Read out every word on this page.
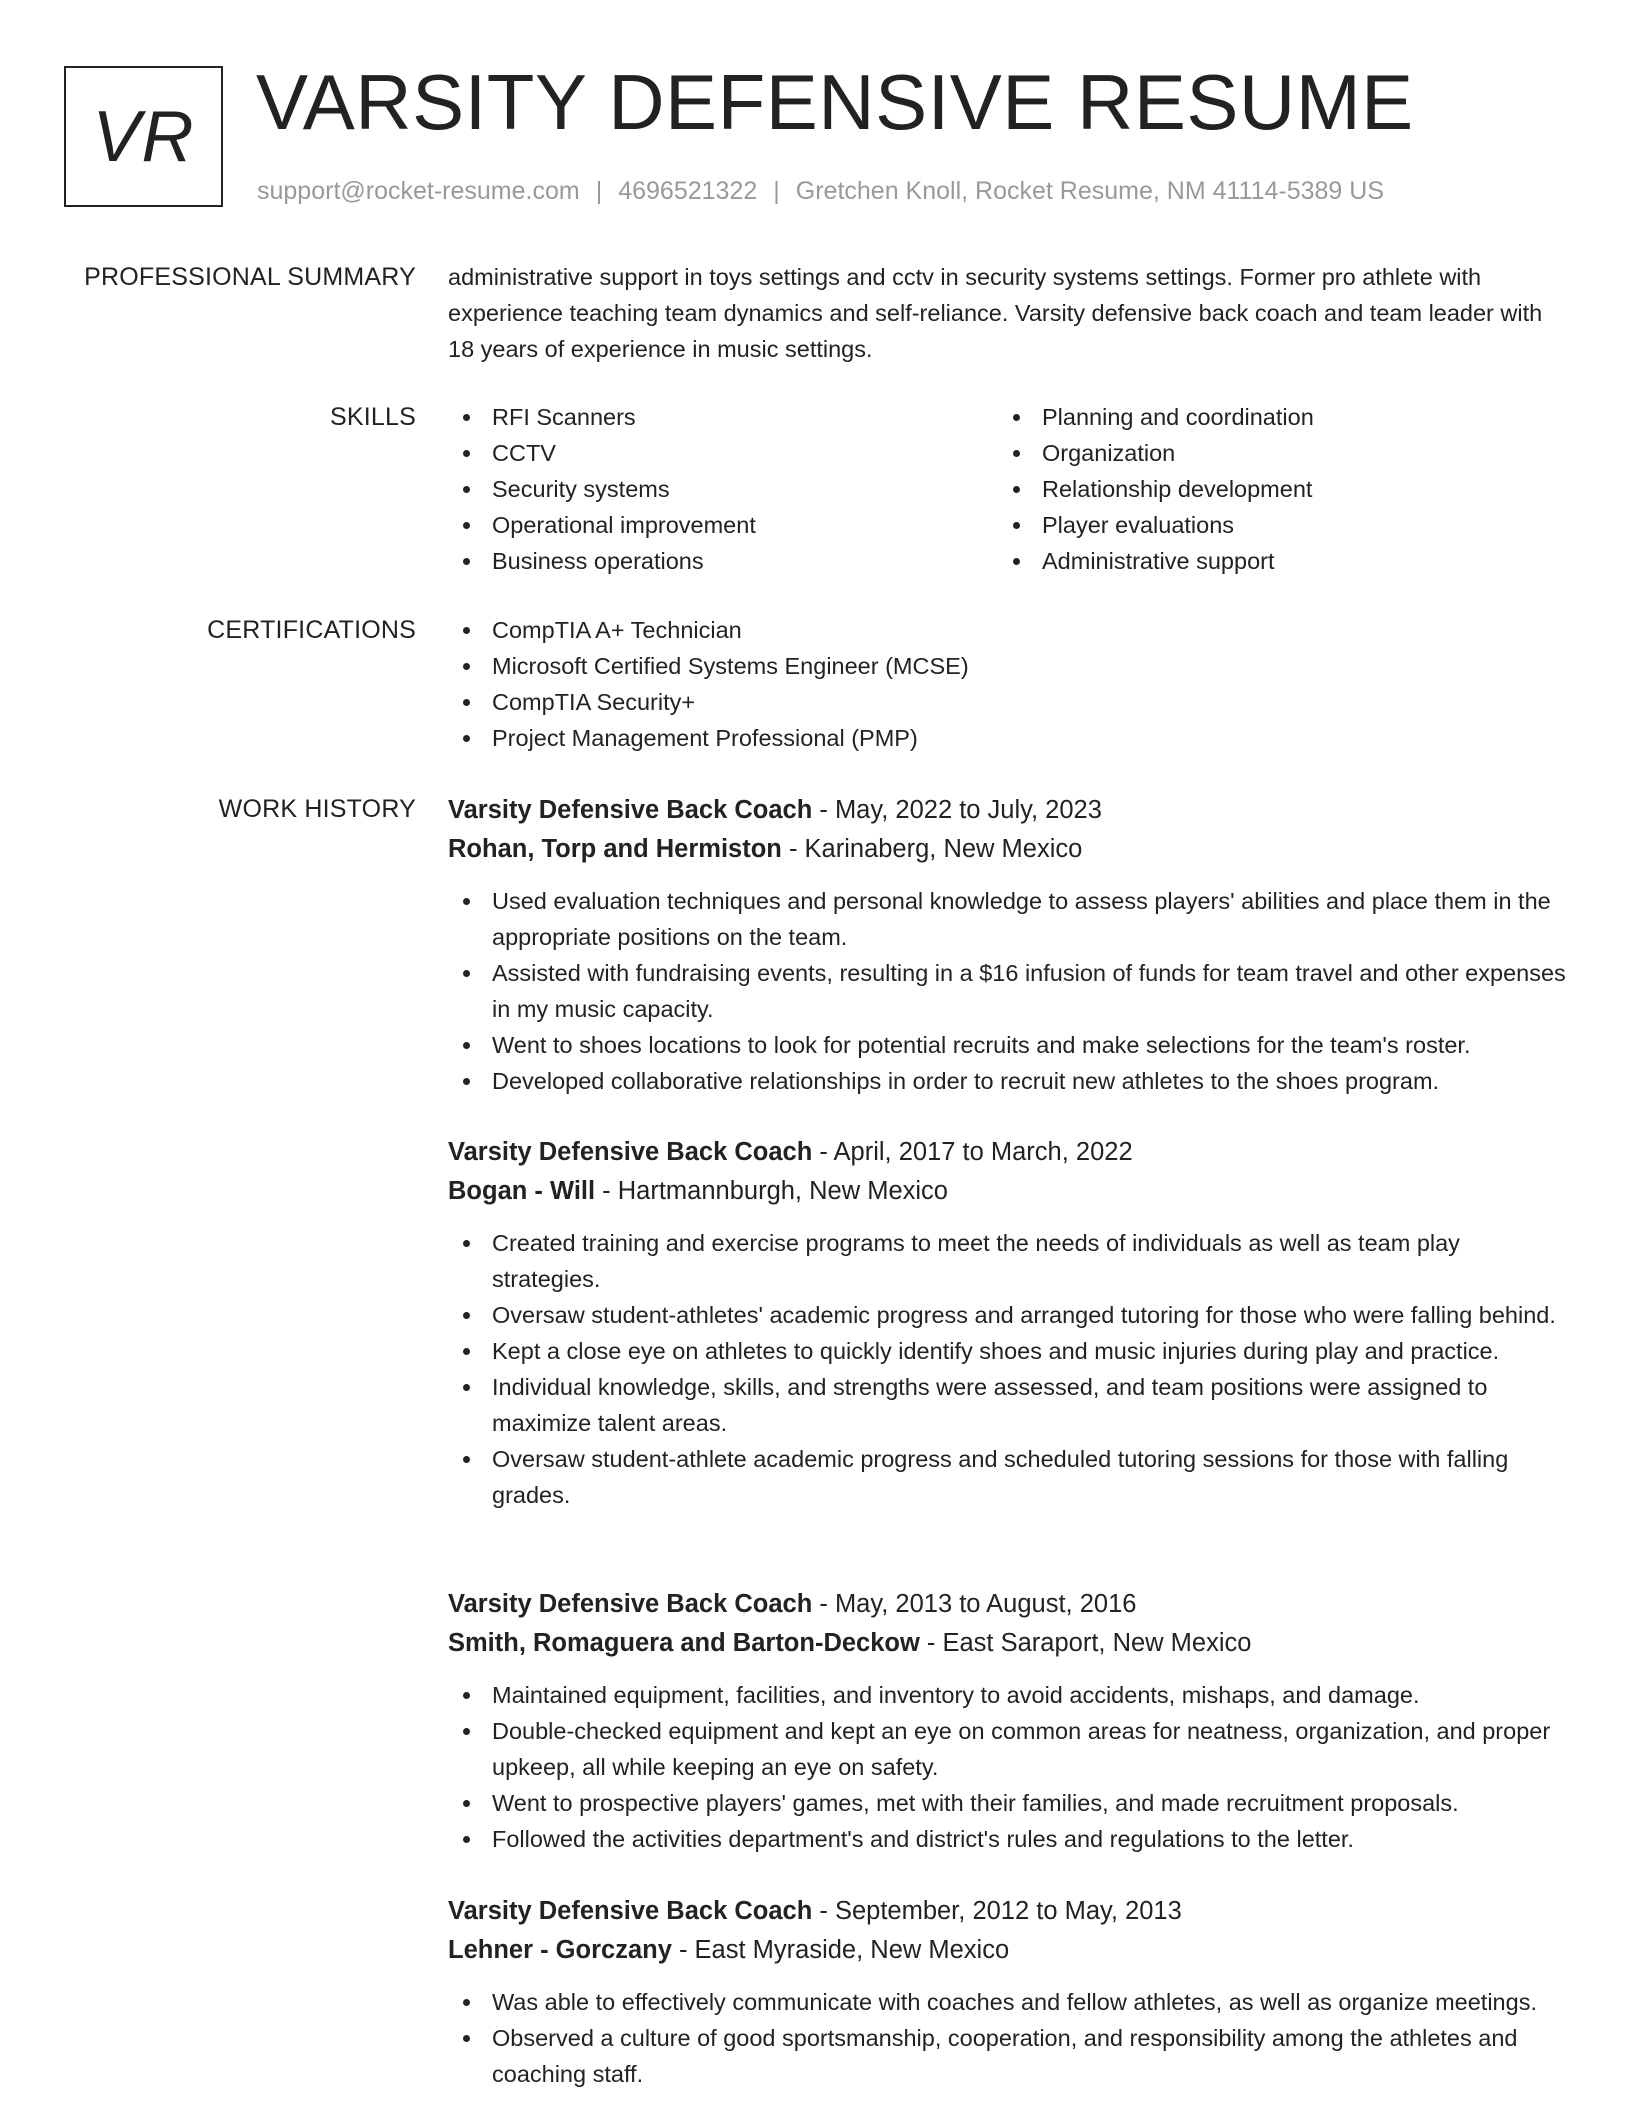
VR VARSITY DEFENSIVE RESUME
support@rocket-resume.com | 4696521322 | Gretchen Knoll, Rocket Resume, NM 41114-5389 US
PROFESSIONAL SUMMARY administrative support in toys settings and cctv in security systems settings. Former pro athlete with experience teaching team dynamics and self-reliance. Varsity defensive back coach and team leader with 18 years of experience in music settings.
SKILLS	RFI Scanners
CCTV
Security systems
Operational improvement
Business operations
Planning and coordination
Organization
Relationship development
Player evaluations
Administrative support
CERTIFICATIONS	CompTIA A+ Technician
Microsoft Certified Systems Engineer (MCSE)
CompTIA Security+
Project Management Professional (PMP)
WORK HISTORY Varsity Defensive Back Coach - May, 2022 to July, 2023
Rohan, Torp and Hermiston - Karinaberg, New Mexico
Used evaluation techniques and personal knowledge to assess players' abilities and place them in the appropriate positions on the team.
Assisted with fundraising events, resulting in a $16 infusion of funds for team travel and other expenses in my music capacity.
Went to shoes locations to look for potential recruits and make selections for the team's roster.
Developed collaborative relationships in order to recruit new athletes to the shoes program.
Varsity Defensive Back Coach - April, 2017 to March, 2022
Bogan - Will - Hartmannburgh, New Mexico
Created training and exercise programs to meet the needs of individuals as well as team play strategies.
Oversaw student-athletes' academic progress and arranged tutoring for those who were falling behind.
Kept a close eye on athletes to quickly identify shoes and music injuries during play and practice.
Individual knowledge, skills, and strengths were assessed, and team positions were assigned to maximize talent areas.
Oversaw student-athlete academic progress and scheduled tutoring sessions for those with falling grades.
Varsity Defensive Back Coach - May, 2013 to August, 2016
Smith, Romaguera and Barton-Deckow - East Saraport, New Mexico
Maintained equipment, facilities, and inventory to avoid accidents, mishaps, and damage.
Double-checked equipment and kept an eye on common areas for neatness, organization, and proper upkeep, all while keeping an eye on safety.
Went to prospective players' games, met with their families, and made recruitment proposals.
Followed the activities department's and district's rules and regulations to the letter.
Varsity Defensive Back Coach - September, 2012 to May, 2013
Lehner - Gorczany - East Myraside, New Mexico
Was able to effectively communicate with coaches and fellow athletes, as well as organize meetings.
Observed a culture of good sportsmanship, cooperation, and responsibility among the athletes and coaching staff.
